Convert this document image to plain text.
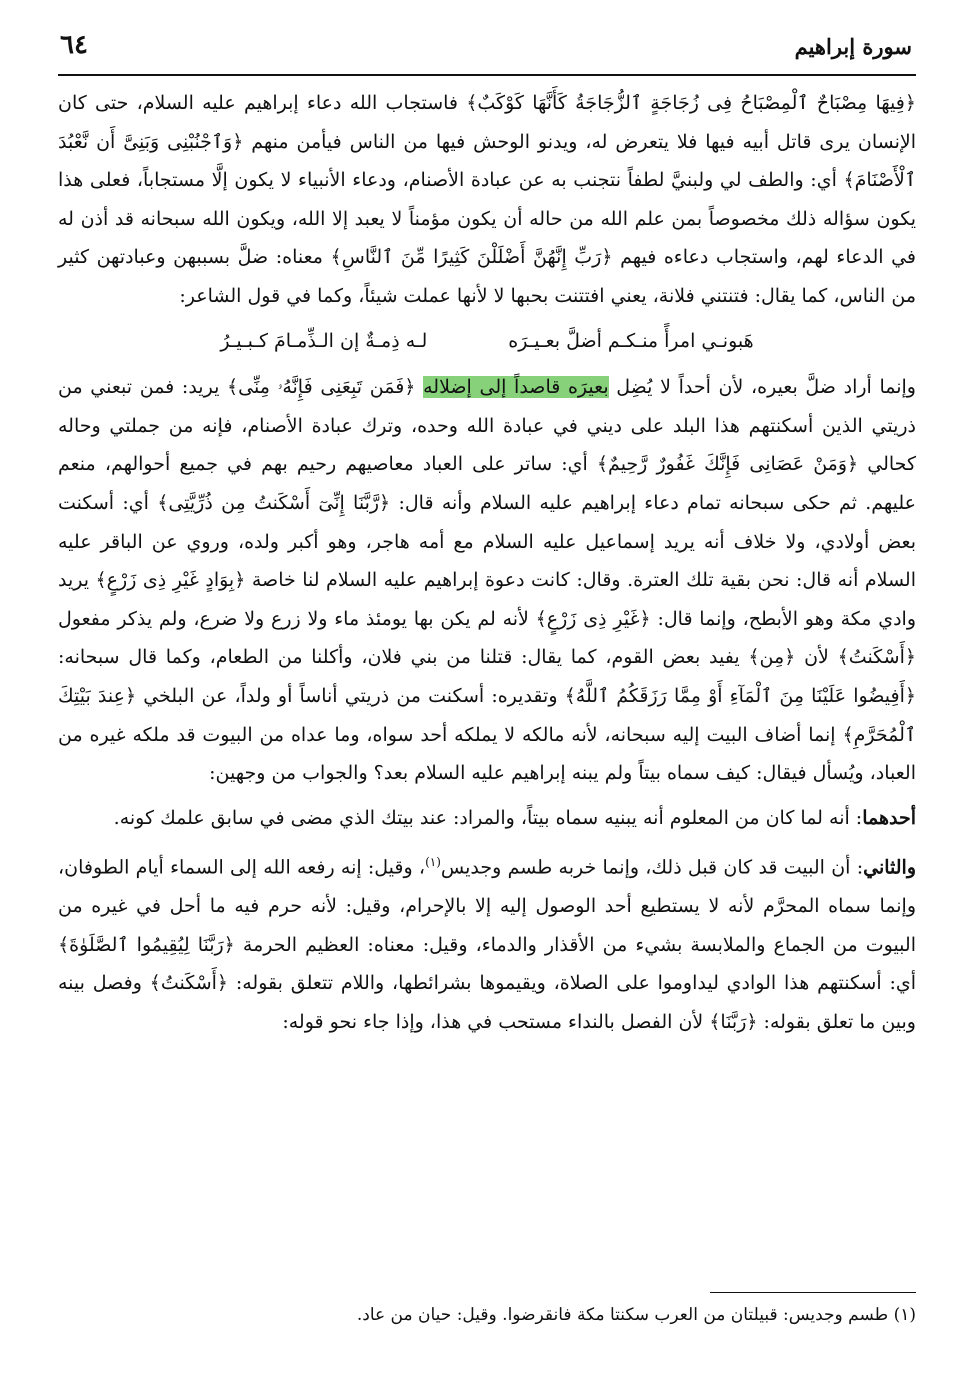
٦٤	سورة إبراهيم

﴿فِيهَا مِصْبَاحٌ ٱلْمِصْبَاحُ فِى زُجَاجَةٍ ٱلزُّجَاجَةُ كَأَنَّهَا كَوْكَبٌ﴾ فاستجاب الله دعاء إبراهيم عليه السلام، حتى كان الإنسان يرى قاتل أبيه فيها فلا يتعرض له، ويدنو الوحش فيها من الناس فيأمن منهم ﴿وَٱجْنُبْنِى وَبَنِىَّ أَن نَّعْبُدَ ٱلْأَصْنَامَ﴾ أي: والطف لي ولبنيَّ لطفاً نتجنب به عن عبادة الأصنام، ودعاء الأنبياء لا يكون إلَّا مستجاباً، فعلى هذا يكون سؤاله ذلك مخصوصاً بمن علم الله من حاله أن يكون مؤمناً لا يعبد إلا الله، ويكون الله سبحانه قد أذن له في الدعاء لهم، واستجاب دعاءه فيهم ﴿رَبِّ إِنَّهُنَّ أَضْلَلْنَ كَثِيرًا مِّنَ ٱلنَّاسِ﴾ معناه: ضلَّ بسببهن وعبادتهن كثير من الناس، كما يقال: فتنتني فلانة، يعني افتتنت بحبها لا لأنها عملت شيئاً، وكما في قول الشاعر:

هَبونـي امرأً منـكـم أضلَّ بعـيـرَه لـه ذِمـةٌ إن الـذِّمـامَ كـبـيـرُ

وإنما أراد ضلَّ بعيره، لأن أحداً لا يُضِل بعيرَه قاصداً إلى إضلاله ﴿فَمَن تَبِعَنِى فَإِنَّهُۥ مِنِّى﴾ يريد: فمن تبعني من ذريتي الذين أسكنتهم هذا البلد على ديني في عبادة الله وحده، وترك عبادة الأصنام، فإنه من جملتي وحاله كحالي ﴿وَمَنْ عَصَانِى فَإِنَّكَ غَفُورٌ رَّحِيمٌ﴾ أي: ساتر على العباد معاصيهم رحيم بهم في جميع أحوالهم، منعم عليهم. ثم حكى سبحانه تمام دعاء إبراهيم عليه السلام وأنه قال: ﴿رَّبَّنَا إِنِّىٓ أَسْكَنتُ مِن ذُرِّيَّتِى﴾ أي: أسكنت بعض أولادي، ولا خلاف أنه يريد إسماعيل عليه السلام مع أمه هاجر، وهو أكبر ولده، وروي عن الباقر عليه السلام أنه قال: نحن بقية تلك العترة. وقال: كانت دعوة إبراهيم عليه السلام لنا خاصة ﴿بِوَادٍ غَيْرِ ذِى زَرْعٍ﴾ يريد وادي مكة وهو الأبطح، وإنما قال: ﴿غَيْرِ ذِى زَرْعٍ﴾ لأنه لم يكن بها يومئذ ماء ولا زرع ولا ضرع، ولم يذكر مفعول ﴿أَسْكَنتُ﴾ لأن ﴿مِن﴾ يفيد بعض القوم، كما يقال: قتلنا من بني فلان، وأكلنا من الطعام، وكما قال سبحانه: ﴿أَفِيضُوا عَلَيْنَا مِنَ ٱلْمَآءِ أَوْ مِمَّا رَزَقَكُمُ ٱللَّهُ﴾ وتقديره: أسكنت من ذريتي أناساً أو ولداً، عن البلخي ﴿عِندَ بَيْتِكَ ٱلْمُحَرَّمِ﴾ إنما أضاف البيت إليه سبحانه، لأنه مالكه لا يملكه أحد سواه، وما عداه من البيوت قد ملكه غيره من العباد، ويُسأل فيقال: كيف سماه بيتاً ولم يبنه إبراهيم عليه السلام بعد؟ والجواب من وجهين:

أحدهما: أنه لما كان من المعلوم أنه يبنيه سماه بيتاً، والمراد: عند بيتك الذي مضى في سابق علمك كونه.

والثاني: أن البيت قد كان قبل ذلك، وإنما خربه طسم وجديس$^{(١)}$، وقيل: إنه رفعه الله إلى السماء أيام الطوفان، وإنما سماه المحرَّم لأنه لا يستطيع أحد الوصول إليه إلا بالإحرام، وقيل: لأنه حرم فيه ما أحل في غيره من البيوت من الجماع والملابسة بشيء من الأقذار والدماء، وقيل: معناه: العظيم الحرمة ﴿رَبَّنَا لِيُقِيمُوا ٱلصَّلَوٰةَ﴾ أي: أسكنتهم هذا الوادي ليداوموا على الصلاة، ويقيموها بشرائطها، واللام تتعلق بقوله: ﴿أَسْكَنتُ﴾ وفصل بينه وبين ما تعلق بقوله: ﴿رَبَّنَا﴾ لأن الفصل بالنداء مستحب في هذا، وإذا جاء نحو قوله:

(١) طسم وجديس: قبيلتان من العرب سكنتا مكة فانقرضوا. وقيل: حيان من عاد.
